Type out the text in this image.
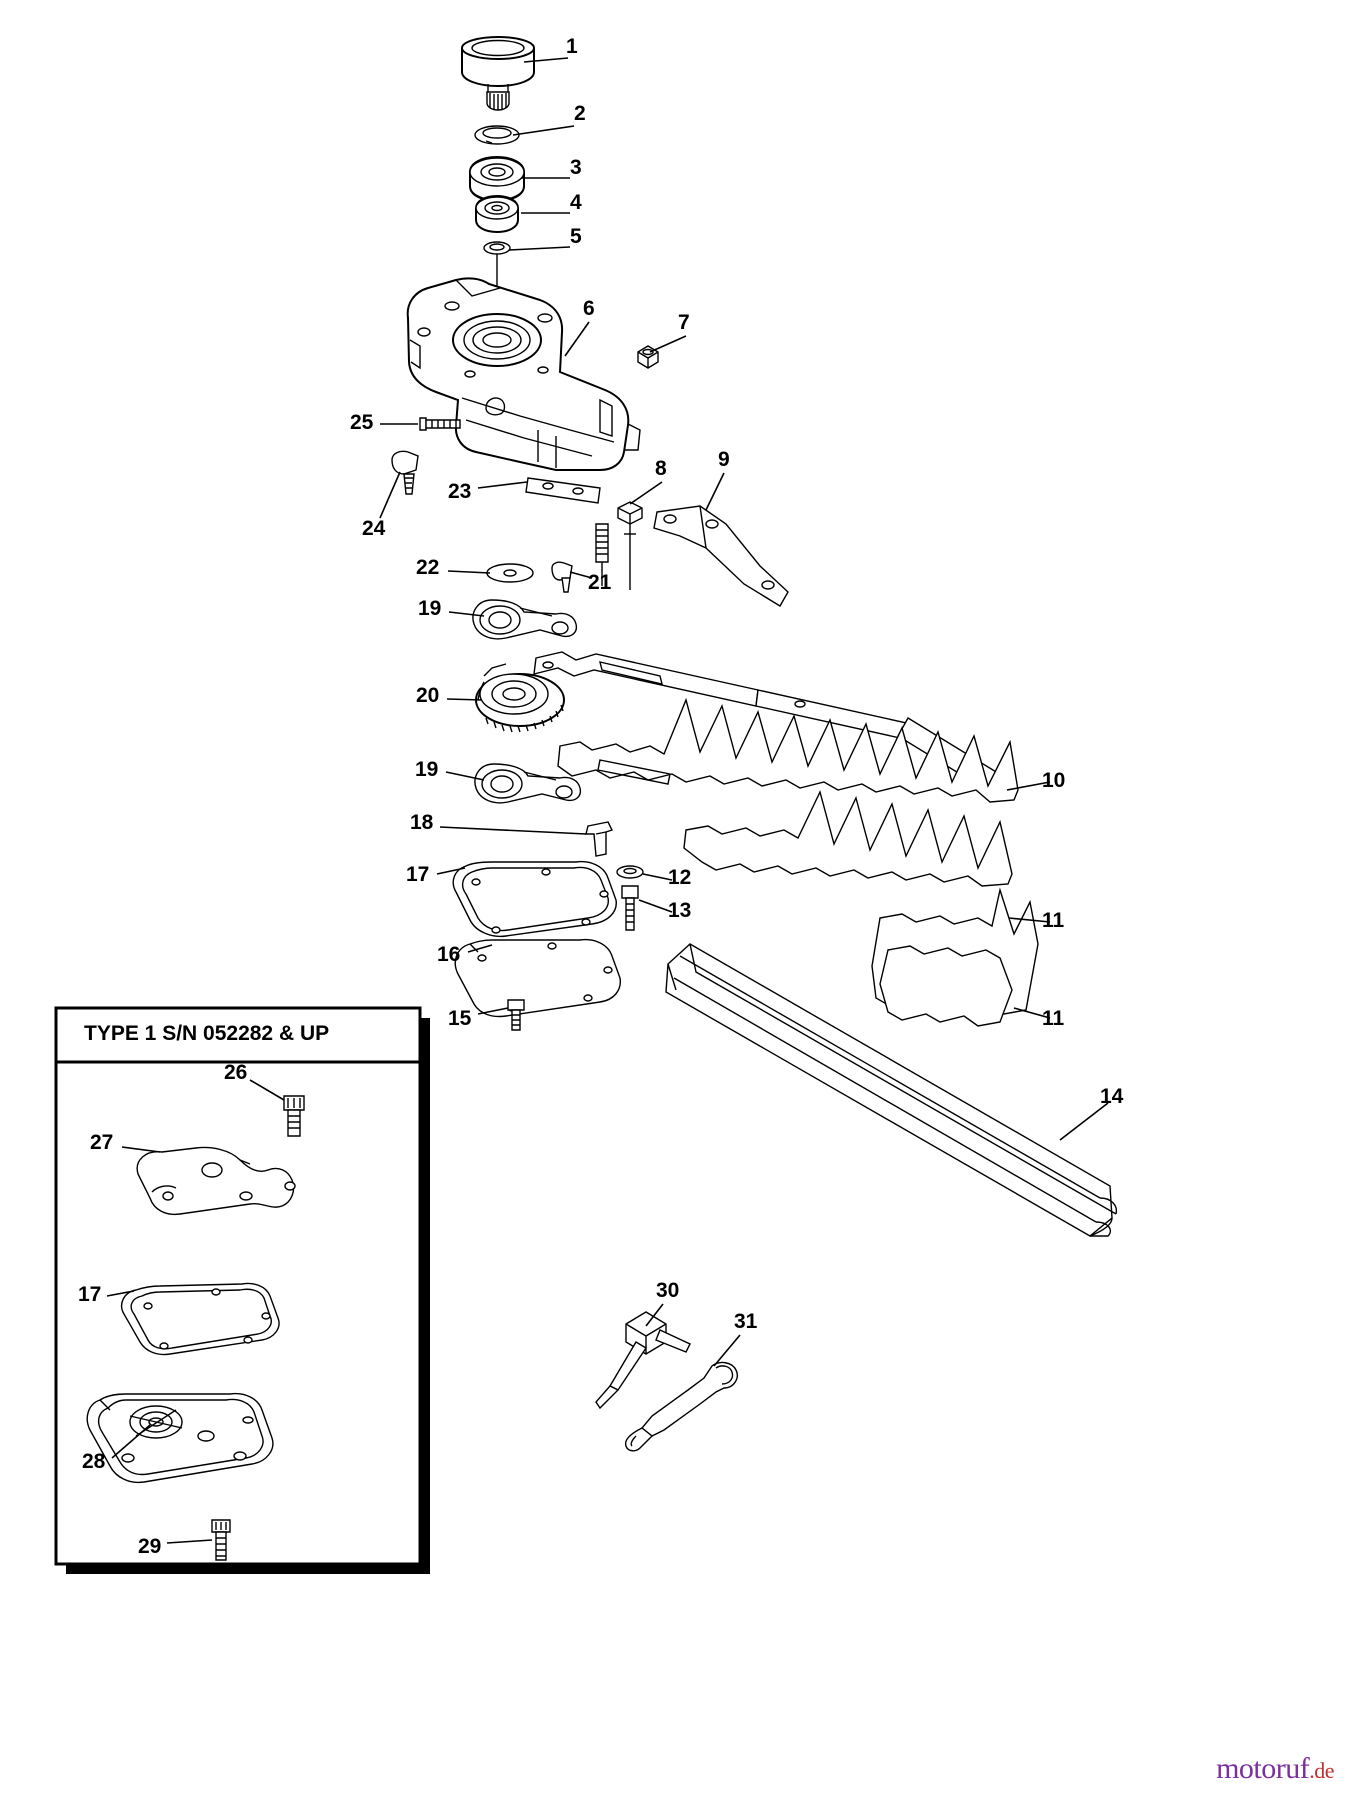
1
2
3
4
5
6
7
8 9
10
11
11
12
13
14
15
16
17
18
19
19
20
21
22
23
24
25
26
27
17
28
29
30
31
TYPE 1 S/N 052282 & UP
motoruf.de
